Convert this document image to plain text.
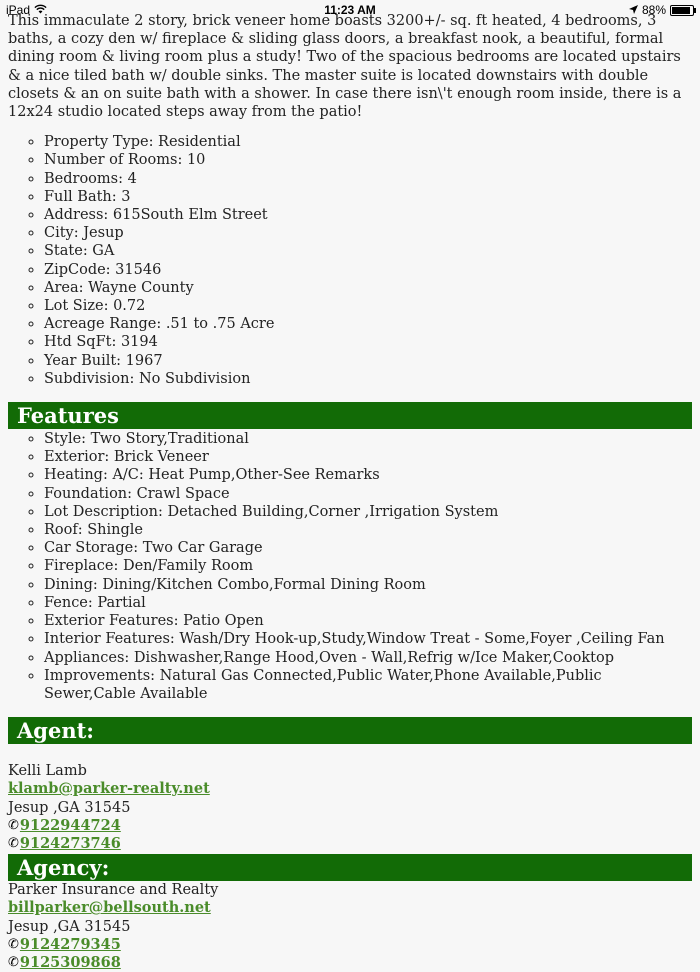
iPad	11:23 AM	88%

This immaculate 2 story, brick veneer home boasts 3200+/- sq. ft heated, 4 bedrooms, 3 baths, a cozy den w/ fireplace & sliding glass doors, a breakfast nook, a beautiful, formal dining room & living room plus a study! Two of the spacious bedrooms are located upstairs & a nice tiled bath w/ double sinks. The master suite is located downstairs with double closets & an on suite bath with a shower. In case there isn\'t enough room inside, there is a 12x24 studio located steps away from the patio!

◦ Property Type: Residential
◦ Number of Rooms: 10
◦ Bedrooms: 4
◦ Full Bath: 3
◦ Address: 615South Elm Street
◦ City: Jesup
◦ State: GA
◦ ZipCode: 31546
◦ Area: Wayne County
◦ Lot Size: 0.72
◦ Acreage Range: .51 to .75 Acre
◦ Htd SqFt: 3194
◦ Year Built: 1967
◦ Subdivision: No Subdivision
Features
◦ Style: Two Story,Traditional
◦ Exterior: Brick Veneer
◦ Heating: A/C: Heat Pump,Other-See Remarks
◦ Foundation: Crawl Space
◦ Lot Description: Detached Building,Corner ,Irrigation System
◦ Roof: Shingle
◦ Car Storage: Two Car Garage
◦ Fireplace: Den/Family Room
◦ Dining: Dining/Kitchen Combo,Formal Dining Room
◦ Fence: Partial
◦ Exterior Features: Patio Open
◦ Interior Features: Wash/Dry Hook-up,Study,Window Treat - Some,Foyer ,Ceiling Fan
◦ Appliances: Dishwasher,Range Hood,Oven - Wall,Refrig w/Ice Maker,Cooktop
◦ Improvements: Natural Gas Connected,Public Water,Phone Available,Public Sewer,Cable Available
Agent:
Kelli Lamb
klamb@parker-realty.net
Jesup ,GA 31545
✆ 9122944724
✆ 9124273746
Agency:
Parker Insurance and Realty
billparker@bellsouth.net
Jesup ,GA 31545
✆ 9124279345
✆ 9125309868
